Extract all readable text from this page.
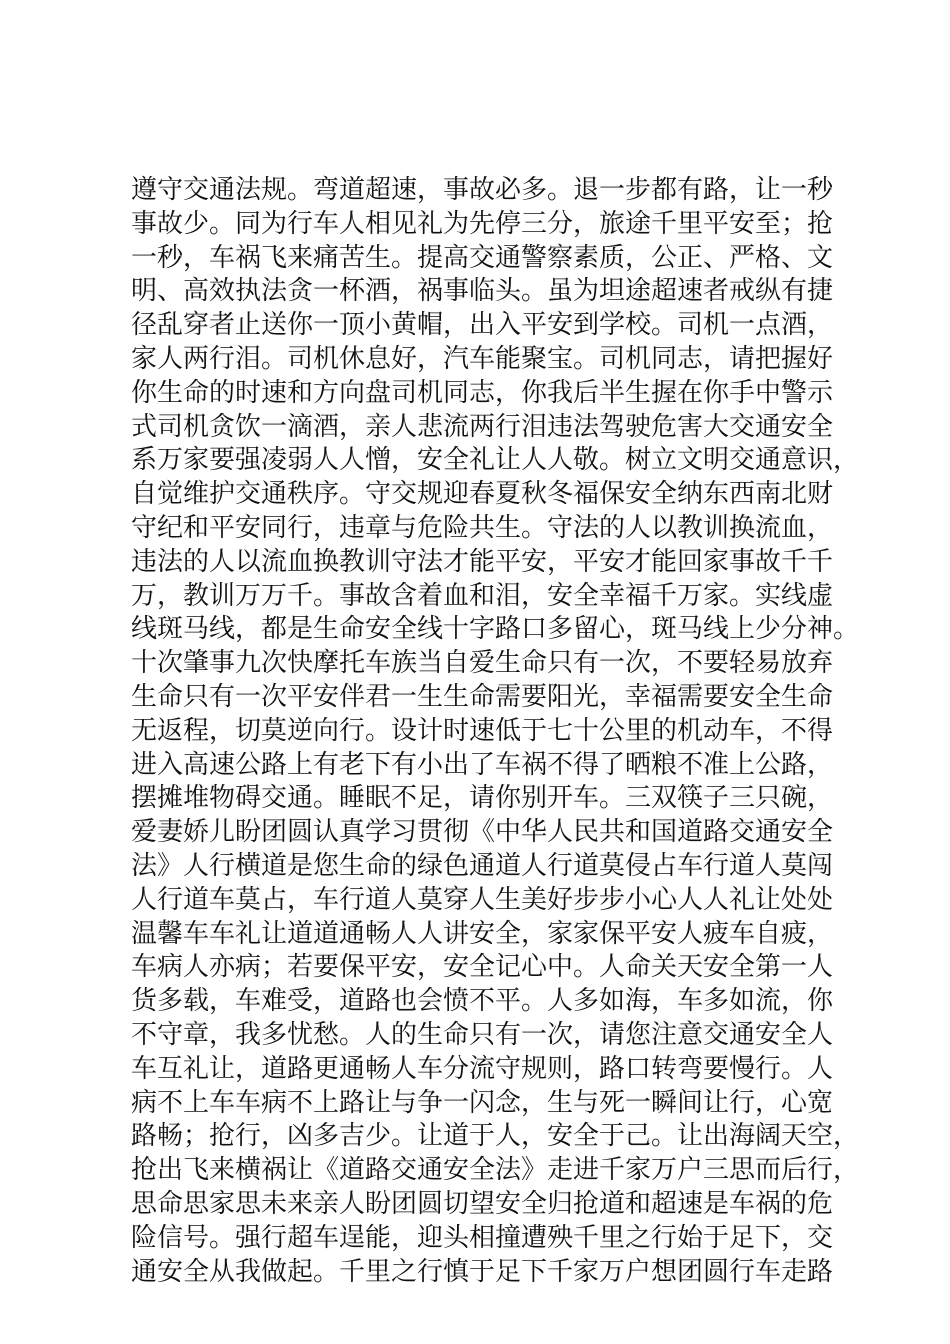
遵守交通法规。弯道超速，事故必多。退一步都有路，让一秒
事故少。同为行车人相见礼为先停三分，旅途千里平安至；抢
一秒，车祸飞来痛苦生。提高交通警察素质，公正、严格、文
明、高效执法贪一杯酒，祸事临头。虽为坦途超速者戒纵有捷
径乱穿者止送你一顶小黄帽，出入平安到学校。司机一点酒，
家人两行泪。司机休息好，汽车能聚宝。司机同志，请把握好
你生命的时速和方向盘司机同志，你我后半生握在你手中警示
式司机贪饮一滴酒，亲人悲流两行泪违法驾驶危害大交通安全
系万家要强凌弱人人憎，安全礼让人人敬。树立文明交通意识，
自觉维护交通秩序。守交规迎春夏秋冬福保安全纳东西南北财
守纪和平安同行，违章与危险共生。守法的人以教训换流血，
违法的人以流血换教训守法才能平安，平安才能回家事故千千
万，教训万万千。事故含着血和泪，安全幸福千万家。实线虚
线斑马线，都是生命安全线十字路口多留心，斑马线上少分神。
十次肇事九次快摩托车族当自爱生命只有一次，不要轻易放弃
生命只有一次平安伴君一生生命需要阳光，幸福需要安全生命
无返程，切莫逆向行。设计时速低于七十公里的机动车，不得
进入高速公路上有老下有小出了车祸不得了晒粮不准上公路，
摆摊堆物碍交通。睡眠不足，请你别开车。三双筷子三只碗，
爱妻娇儿盼团圆认真学习贯彻《中华人民共和国道路交通安全
法》人行横道是您生命的绿色通道人行道莫侵占车行道人莫闯
人行道车莫占，车行道人莫穿人生美好步步小心人人礼让处处
温馨车车礼让道道通畅人人讲安全，家家保平安人疲车自疲，
车病人亦病；若要保平安，安全记心中。人命关天安全第一人
货多载，车难受，道路也会愤不平。人多如海，车多如流，你
不守章，我多忧愁。人的生命只有一次，请您注意交通安全人
车互礼让，道路更通畅人车分流守规则，路口转弯要慢行。人
病不上车车病不上路让与争一闪念，生与死一瞬间让行，心宽
路畅；抢行，凶多吉少。让道于人，安全于己。让出海阔天空，
抢出飞来横祸让《道路交通安全法》走进千家万户三思而后行，
思命思家思未来亲人盼团圆切望安全归抢道和超速是车祸的危
险信号。强行超车逞能，迎头相撞遭殃千里之行始于足下，交
通安全从我做起。千里之行慎于足下千家万户想团圆行车走路
